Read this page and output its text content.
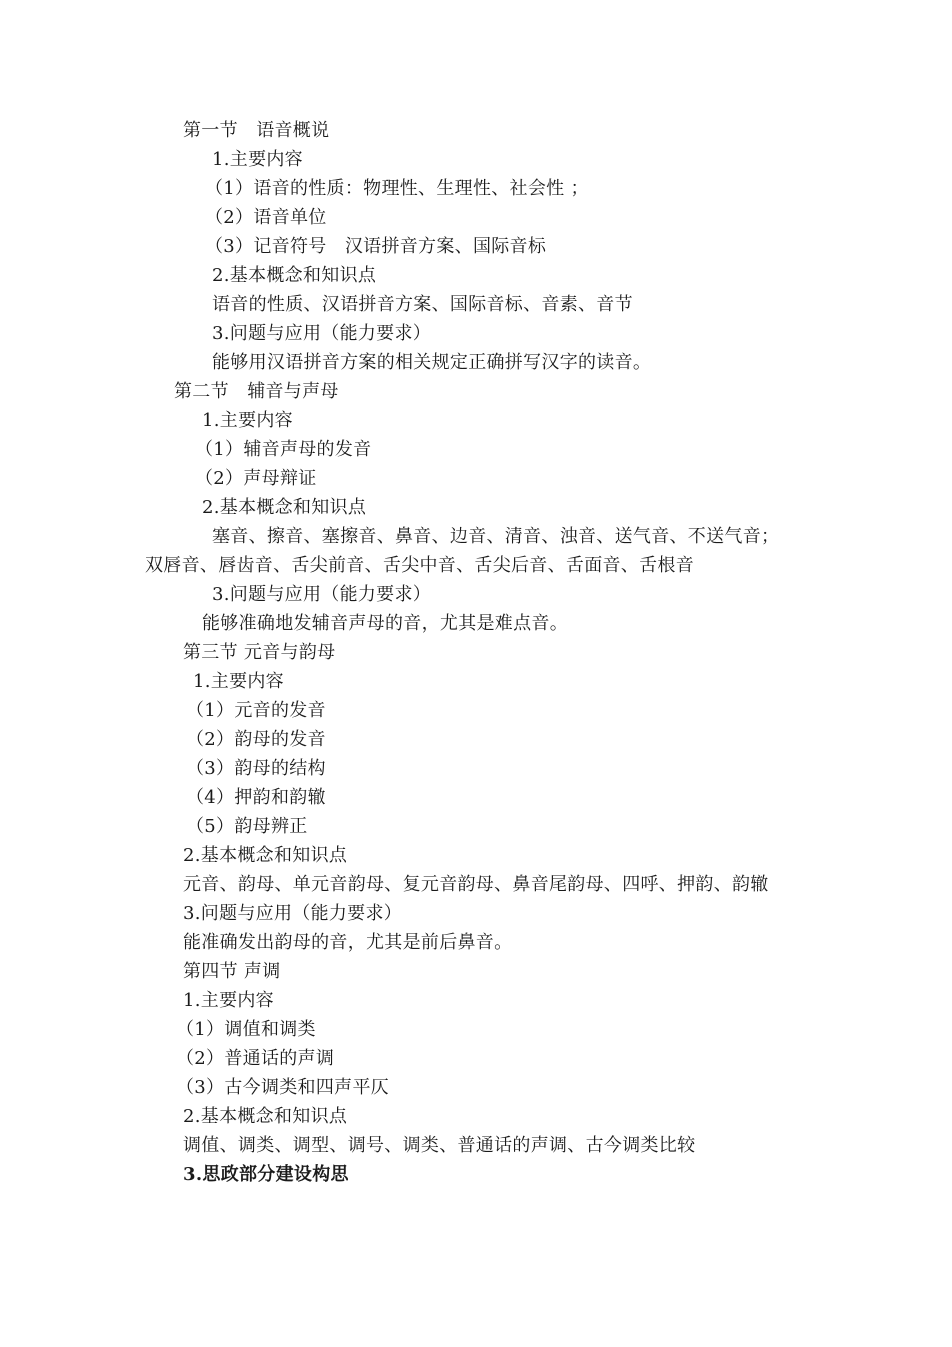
第一节　语音概说
1.主要内容
（1）语音的性质：物理性、生理性、社会性 ；
（2）语音单位
（3）记音符号　汉语拼音方案、国际音标
2.基本概念和知识点
语音的性质、汉语拼音方案、国际音标、音素、音节
3.问题与应用（能力要求）
能够用汉语拼音方案的相关规定正确拼写汉字的读音。
第二节　辅音与声母
1.主要内容
（1）辅音声母的发音
（2）声母辩证
2.基本概念和知识点
塞音、擦音、塞擦音、鼻音、边音、清音、浊音、送气音、不送气音；
双唇音、唇齿音、舌尖前音、舌尖中音、舌尖后音、舌面音、舌根音
3.问题与应用（能力要求）
能够准确地发辅音声母的音，尤其是难点音。
第三节 元音与韵母
1.主要内容
（1）元音的发音
（2）韵母的发音
（3）韵母的结构
（4）押韵和韵辙
（5）韵母辨正
2.基本概念和知识点
元音、韵母、单元音韵母、复元音韵母、鼻音尾韵母、四呼、押韵、韵辙
3.问题与应用（能力要求）
能准确发出韵母的音，尤其是前后鼻音。
第四节 声调
1.主要内容
（1）调值和调类
（2）普通话的声调
（3）古今调类和四声平仄
2.基本概念和知识点
调值、调类、调型、调号、调类、普通话的声调、古今调类比较
3.思政部分建设构思
